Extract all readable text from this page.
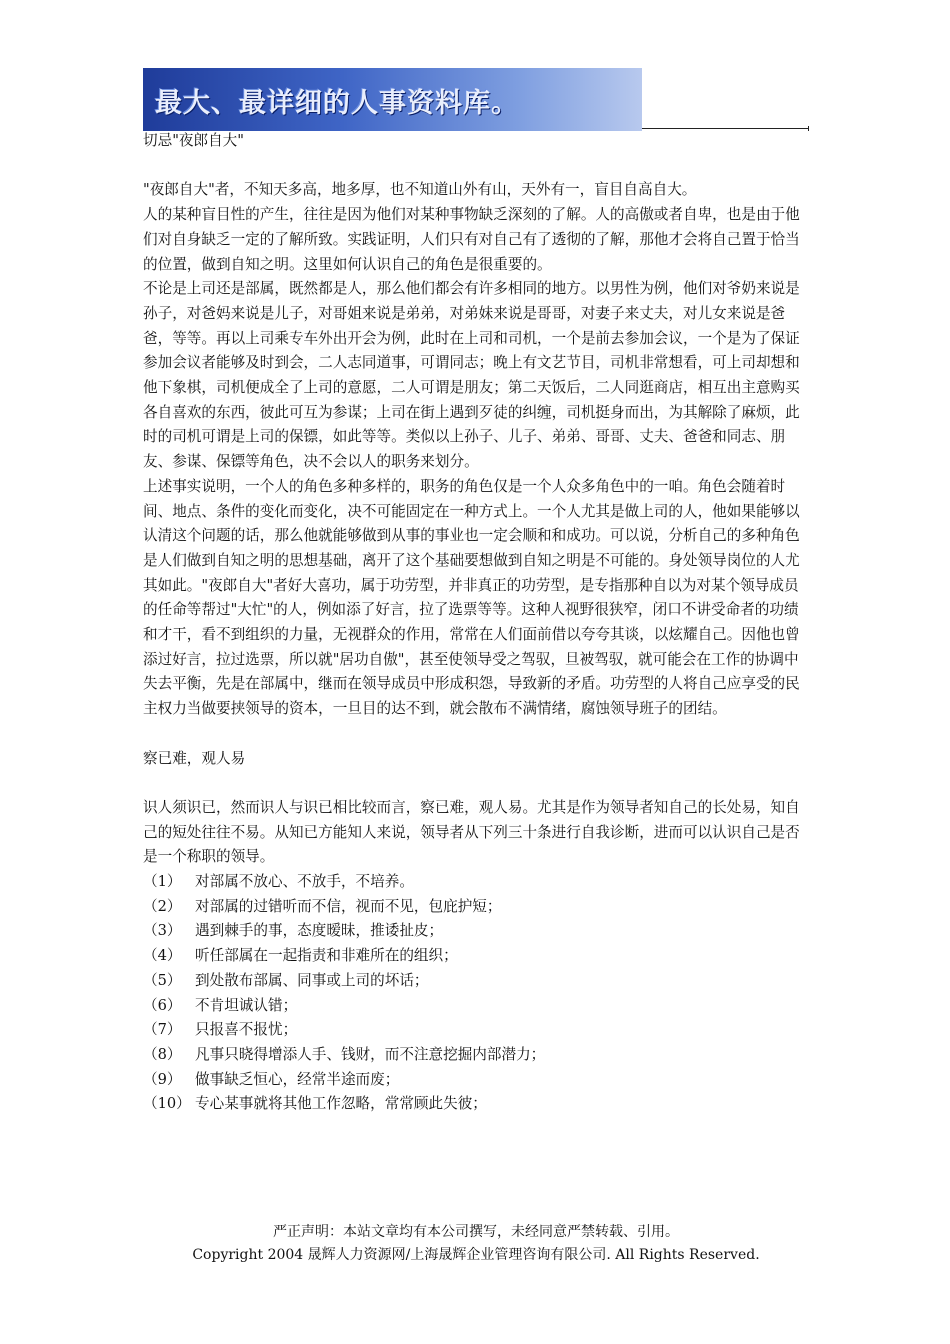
最大、最详细的人事资料库。

切忌"夜郎自大"

"夜郎自大"者，不知天多高，地多厚，也不知道山外有山，天外有一，盲目自高自大。

人的某种盲目性的产生，往往是因为他们对某种事物缺乏深刻的了解。人的高傲或者自卑，也是由于他们对自身缺乏一定的了解所致。实践证明，人们只有对自己有了透彻的了解，那他才会将自己置于恰当的位置，做到自知之明。这里如何认识自己的角色是很重要的。

不论是上司还是部属，既然都是人，那么他们都会有许多相同的地方。以男性为例，他们对爷奶来说是孙子，对爸妈来说是儿子，对哥姐来说是弟弟，对弟妹来说是哥哥，对妻子来丈夫，对儿女来说是爸爸，等等。再以上司乘专车外出开会为例，此时在上司和司机，一个是前去参加会议，一个是为了保证参加会议者能够及时到会，二人志同道事，可谓同志；晚上有文艺节目，司机非常想看，可上司却想和他下象棋，司机便成全了上司的意愿，二人可谓是朋友；第二天饭后，二人同逛商店，相互出主意购买各自喜欢的东西，彼此可互为参谋；上司在街上遇到歹徒的纠缠，司机挺身而出，为其解除了麻烦，此时的司机可谓是上司的保镖，如此等等。类似以上孙子、儿子、弟弟、哥哥、丈夫、爸爸和同志、朋友、参谋、保镖等角色，决不会以人的职务来划分。

上述事实说明，一个人的角色多种多样的，职务的角色仅是一个人众多角色中的一咱。角色会随着时间、地点、条件的变化而变化，决不可能固定在一种方式上。一个人尤其是做上司的人，他如果能够以认清这个问题的话，那么他就能够做到从事的事业也一定会顺和和成功。可以说，分析自己的多种角色是人们做到自知之明的思想基础，离开了这个基础要想做到自知之明是不可能的。身处领导岗位的人尤其如此。"夜郎自大"者好大喜功，属于功劳型，并非真正的功劳型，是专指那种自以为对某个领导成员的任命等帮过"大忙"的人，例如添了好言，拉了选票等等。这种人视野很狭窄，闭口不讲受命者的功绩和才干，看不到组织的力量，无视群众的作用，常常在人们面前借以夸夸其谈，以炫耀自己。因他也曾添过好言，拉过选票，所以就"居功自傲"，甚至使领导受之驾驭，旦被驾驭，就可能会在工作的协调中失去平衡，先是在部属中，继而在领导成员中形成积怨，导致新的矛盾。功劳型的人将自己应享受的民主权力当做要挟领导的资本，一旦目的达不到，就会散布不满情绪，腐蚀领导班子的团结。

察已难，观人易

识人须识已，然而识人与识已相比较而言，察已难，观人易。尤其是作为领导者知自己的长处易，知自己的短处往往不易。从知已方能知人来说，领导者从下列三十条进行自我诊断，进而可以认识自己是否是一个称职的领导。

（1） 对部属不放心、不放手，不培养。
（2） 对部属的过错听而不信，视而不见，包庇护短；
（3） 遇到棘手的事，态度暧昧，推诿扯皮；
（4） 听任部属在一起指责和非难所在的组织；
（5） 到处散布部属、同事或上司的坏话；
（6） 不肯坦诚认错；
（7） 只报喜不报忧；
（8） 凡事只晓得增添人手、钱财，而不注意挖掘内部潜力；
（9） 做事缺乏恒心，经常半途而废；
（10） 专心某事就将其他工作忽略，常常顾此失彼；
严正声明：本站文章均有本公司撰写，未经同意严禁转载、引用。
Copyright 2004 晟辉人力资源网/上海晟辉企业管理咨询有限公司. All Rights Reserved.
